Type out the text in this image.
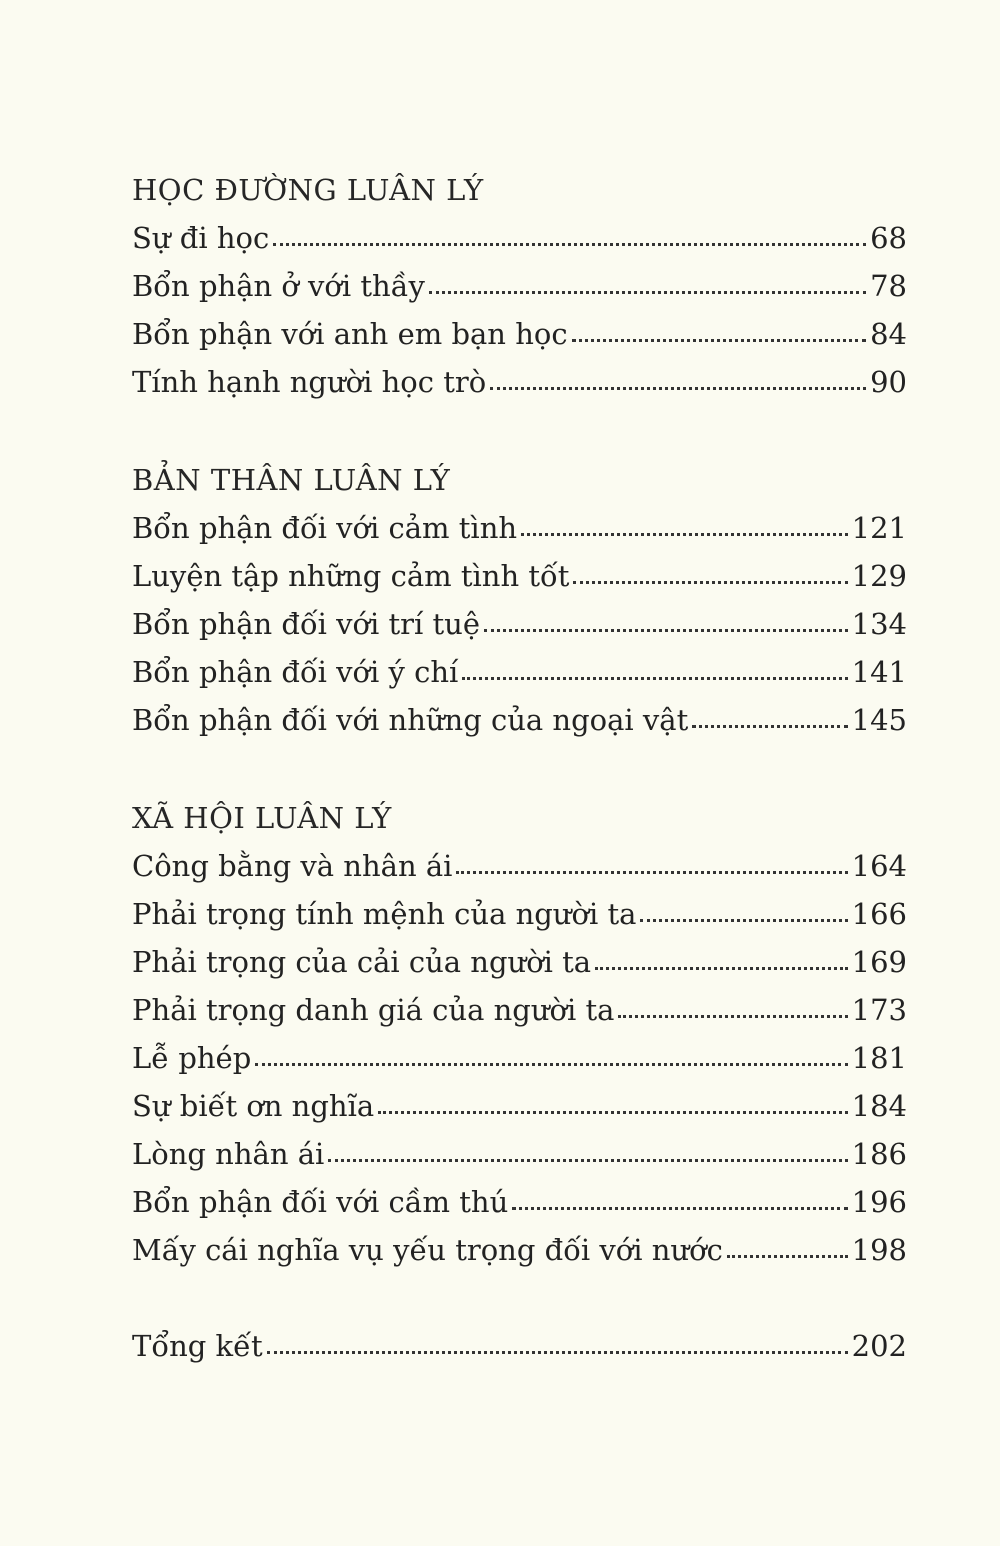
HỌC ĐƯỜNG LUÂN LÝ
Sự đi học	68
Bổn phận ở với thầy	78
Bổn phận với anh em bạn học	84
Tính hạnh người học trò	90
BẢN THÂN LUÂN LÝ
Bổn phận đối với cảm tình	121
Luyện tập những cảm tình tốt	129
Bổn phận đối với trí tuệ	134
Bổn phận đối với ý chí	141
Bổn phận đối với những của ngoại vật	145
XÃ HỘI LUÂN LÝ
Công bằng và nhân ái	164
Phải trọng tính mệnh của người ta	166
Phải trọng của cải của người ta	169
Phải trọng danh giá của người ta	173
Lễ phép	181
Sự biết ơn nghĩa	184
Lòng nhân ái	186
Bổn phận đối với cầm thú	196
Mấy cái nghĩa vụ yếu trọng đối với nước	198
Tổng kết	202
